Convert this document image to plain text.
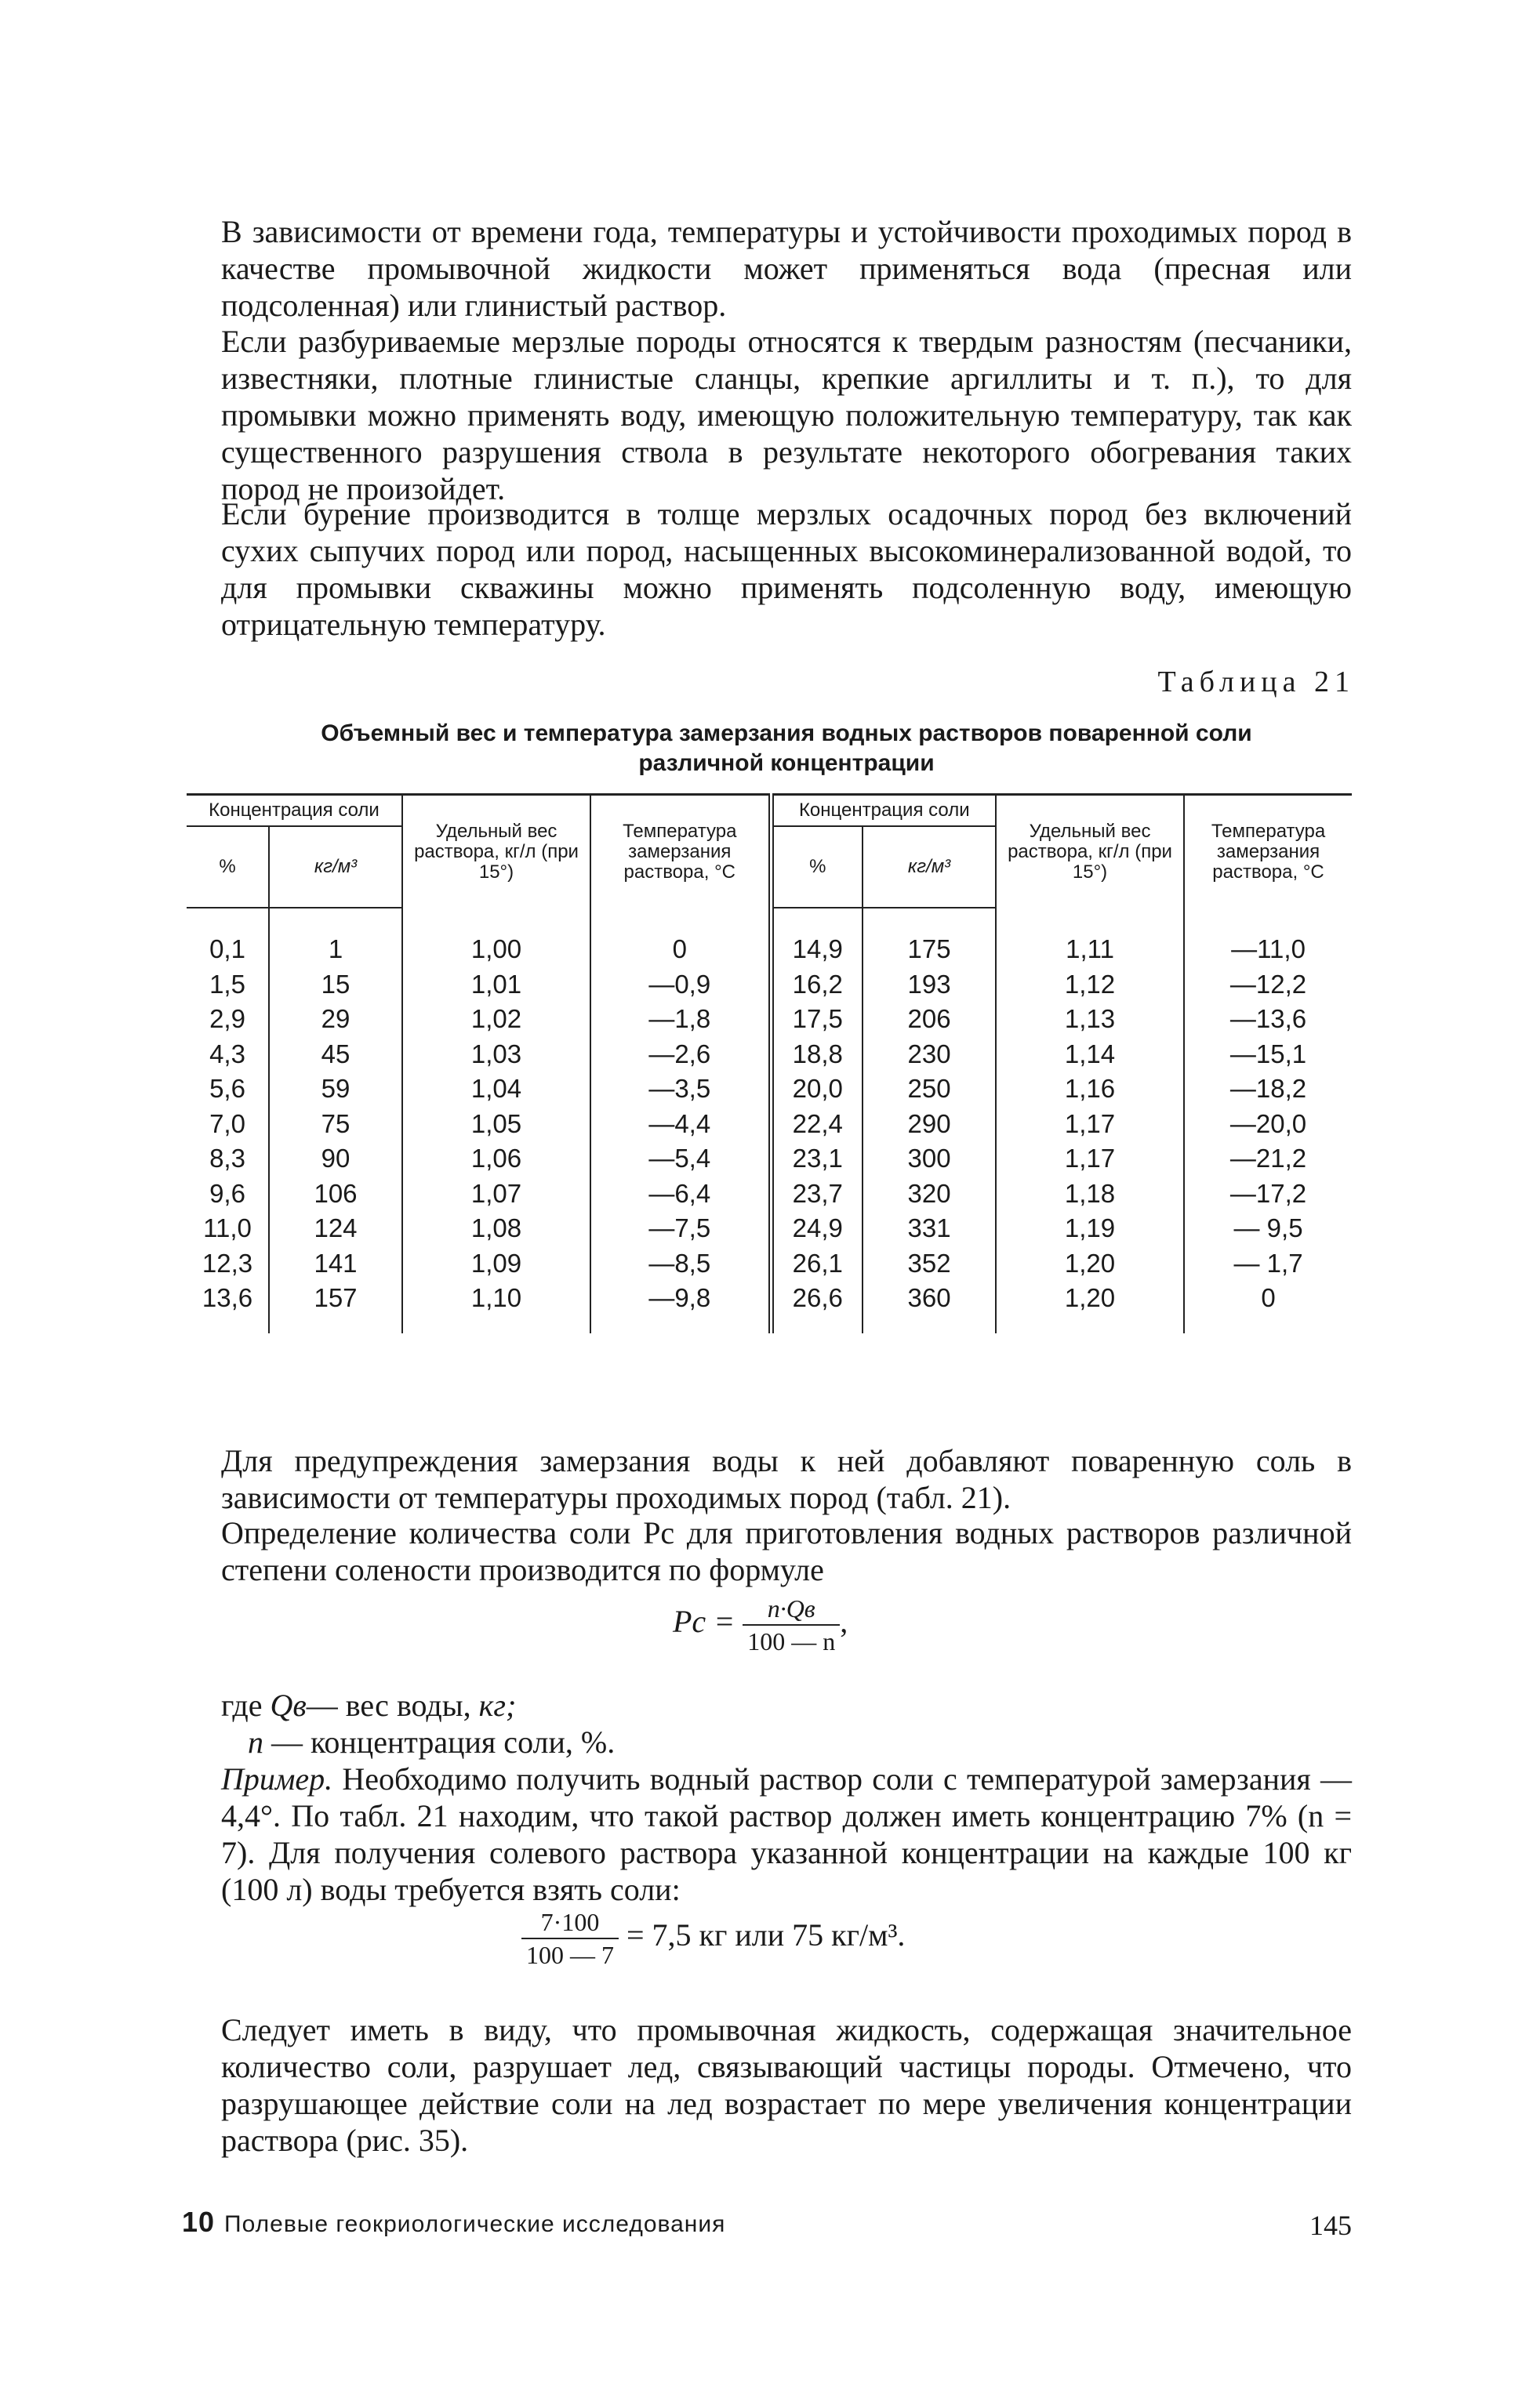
В зависимости от времени года, температуры и устойчивости проходимых пород в качестве промывочной жидкости может применяться вода (пресная или подсоленная) или глинистый раствор.

Если разбуриваемые мерзлые породы относятся к твердым разностям (песчаники, известняки, плотные глинистые сланцы, крепкие аргиллиты и т. п.), то для промывки можно применять воду, имеющую положительную температуру, так как существенного разрушения ствола в результате некоторого обогревания таких пород не произойдет.

Если бурение производится в толще мерзлых осадочных пород без включений сухих сыпучих пород или пород, насыщенных высокоминерализованной водой, то для промывки скважины можно применять подсоленную воду, имеющую отрицательную температуру.

Таблица 21
Объемный вес и температура замерзания водных растворов поваренной соли
различной концентрации
Концентрация соли		Удельный вес раствора, кг/л (при 15°)	Температура замерзания раствора, °С	Концентрация соли		Удельный вес раствора, кг/л (при 15°)	Температура замерзания раствора, °С
%	кг/м³			%	кг/м³		
0,1	1	1,00	0	14,9	175	1,11	—11,0
1,5	15	1,01	—0,9	16,2	193	1,12	—12,2
2,9	29	1,02	—1,8	17,5	206	1,13	—13,6
4,3	45	1,03	—2,6	18,8	230	1,14	—15,1
5,6	59	1,04	—3,5	20,0	250	1,16	—18,2
7,0	75	1,05	—4,4	22,4	290	1,17	—20,0
8,3	90	1,06	—5,4	23,1	300	1,17	—21,2
9,6	106	1,07	—6,4	23,7	320	1,18	—17,2
11,0	124	1,08	—7,5	24,9	331	1,19	— 9,5
12,3	141	1,09	—8,5	26,1	352	1,20	— 1,7
13,6	157	1,10	—9,8	26,6	360	1,20	0

Для предупреждения замерзания воды к ней добавляют поваренную соль в зависимости от температуры проходимых пород (табл. 21).

Определение количества соли Pс для приготовления водных растворов различной степени солености производится по формуле

Pс = $\frac{n\cdot Qв}{100 — n}$ ,
где Qв— вес воды, кг;
n — концентрация соли, %.

Пример. Необходимо получить водный раствор соли с температурой замерзания —4,4°. По табл. 21 находим, что такой раствор должен иметь концентрацию 7% (n = 7). Для получения солевого раствора указанной концентрации на каждые 100 кг (100 л) воды требуется взять соли:

$\frac{7\cdot 100}{100 — 7} = 7,5$ кг или 75 кг/м³.

Следует иметь в виду, что промывочная жидкость, содержащая значительное количество соли, разрушает лед, связывающий частицы породы. Отмечено, что разрушающее действие соли на лед возрастает по мере увеличения концентрации раствора (рис. 35).

10 Полевые геокриологические исследования	145
